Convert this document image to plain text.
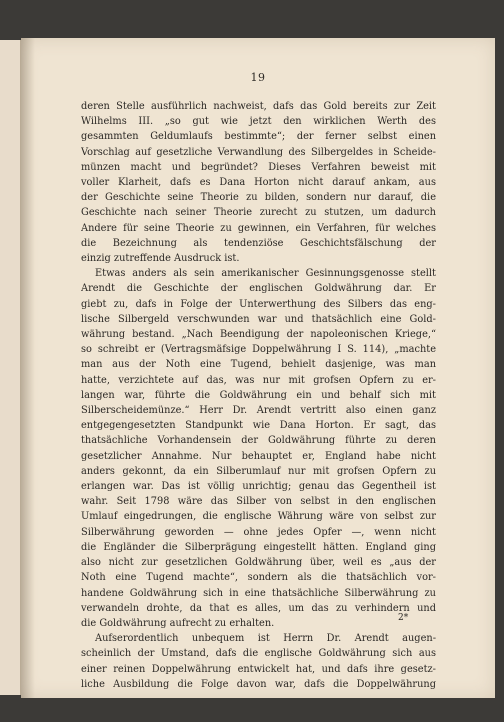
19
deren Stelle ausführlich nachweist, dafs das Gold bereits zur Zeit
Wilhelms III. „so gut wie jetzt den wirklichen Werth des
gesammten Geldumlaufs bestimmte“; der ferner selbst einen
Vorschlag auf gesetzliche Verwandlung des Silbergeldes in Scheide-
münzen macht und begründet? Dieses Verfahren beweist mit
voller Klarheit, dafs es Dana Horton nicht darauf ankam, aus
der Geschichte seine Theorie zu bilden, sondern nur darauf, die
Geschichte nach seiner Theorie zurecht zu stutzen, um dadurch
Andere für seine Theorie zu gewinnen, ein Verfahren, für welches
die Bezeichnung als tendenziöse Geschichtsfälschung der
einzig zutreffende Ausdruck ist.
Etwas anders als sein amerikanischer Gesinnungsgenosse stellt
Arendt die Geschichte der englischen Goldwährung dar. Er
giebt zu, dafs in Folge der Unterwerthung des Silbers das eng-
lische Silbergeld verschwunden war und thatsächlich eine Gold-
währung bestand. „Nach Beendigung der napoleonischen Kriege,“
so schreibt er (Vertragsmäfsige Doppelwährung I S. 114), „machte
man aus der Noth eine Tugend, behielt dasjenige, was man
hatte, verzichtete auf das, was nur mit grofsen Opfern zu er-
langen war, führte die Goldwährung ein und behalf sich mit
Silberscheidemünze.“ Herr Dr. Arendt vertritt also einen ganz
entgegengesetzten Standpunkt wie Dana Horton. Er sagt, das
thatsächliche Vorhandensein der Goldwährung führte zu deren
gesetzlicher Annahme. Nur behauptet er, England habe nicht
anders gekonnt, da ein Silberumlauf nur mit grofsen Opfern zu
erlangen war. Das ist völlig unrichtig; genau das Gegentheil ist
wahr. Seit 1798 wäre das Silber von selbst in den englischen
Umlauf eingedrungen, die englische Währung wäre von selbst zur
Silberwährung geworden — ohne jedes Opfer —, wenn nicht
die Engländer die Silberprägung eingestellt hätten. England ging
also nicht zur gesetzlichen Goldwährung über, weil es „aus der
Noth eine Tugend machte“, sondern als die thatsächlich vor-
handene Goldwährung sich in eine thatsächliche Silberwährung zu
verwandeln drohte, da that es alles, um das zu verhindern und
die Goldwährung aufrecht zu erhalten.
Aufserordentlich unbequem ist Herrn Dr. Arendt augen-
scheinlich der Umstand, dafs die englische Goldwährung sich aus
einer reinen Doppelwährung entwickelt hat, und dafs ihre gesetz-
liche Ausbildung die Folge davon war, dafs die Doppelwährung
2*
